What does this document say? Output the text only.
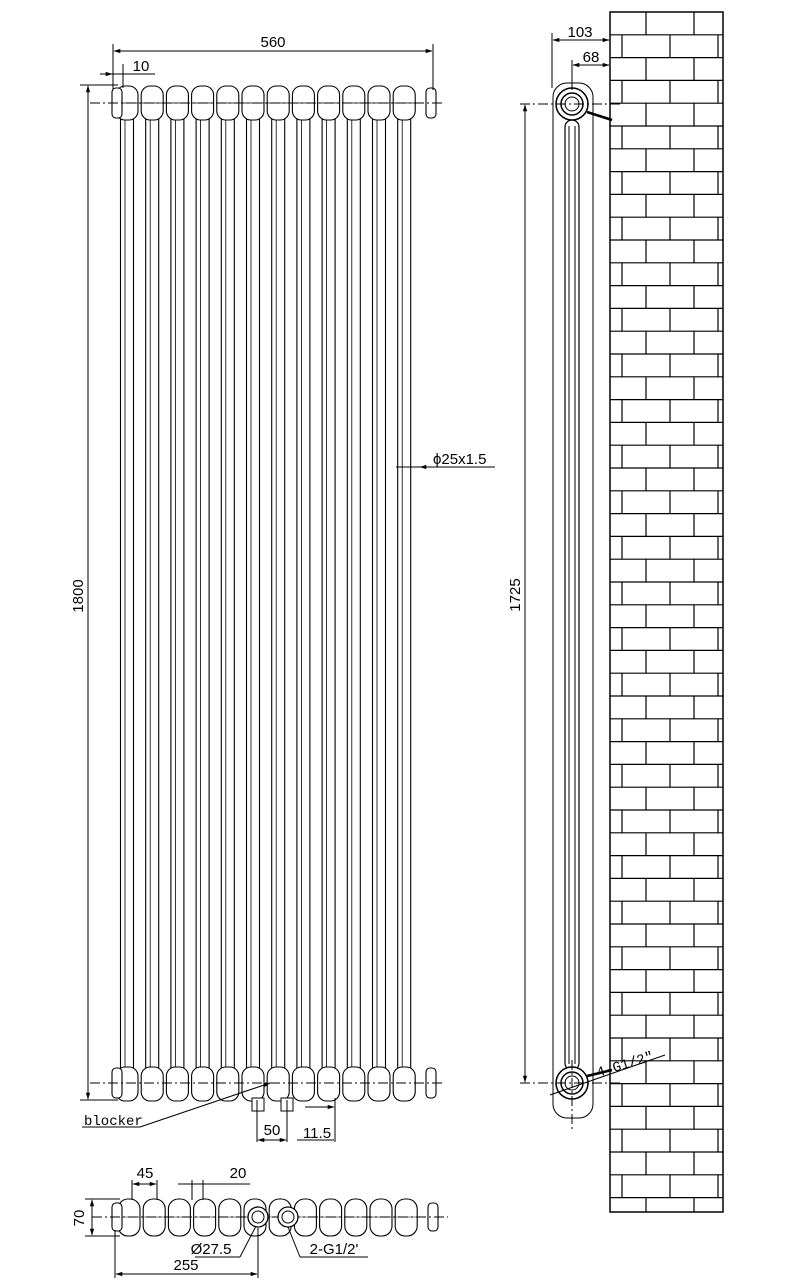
560
10
1800
ϕ25x1.5
blocker	50 11.5
4-G1/2"
103
68
1725
45	20
70
Ø27.5	2-G1/2'
255
